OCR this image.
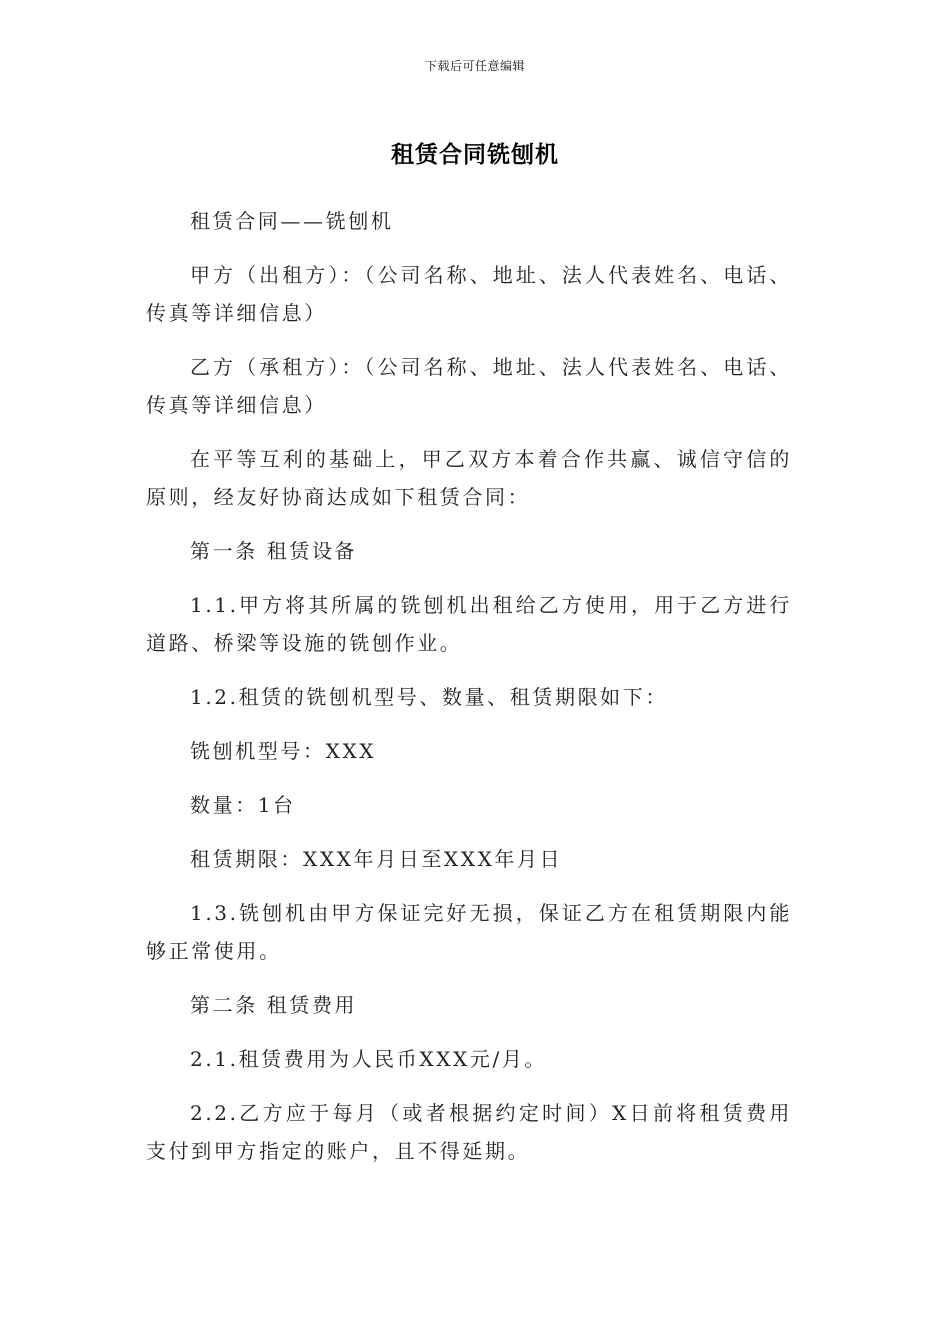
下载后可任意编辑
租赁合同铣刨机

租赁合同——铣刨机

甲方（出租方）：（公司名称、地址、法人代表姓名、电话、传真等详细信息）

乙方（承租方）：（公司名称、地址、法人代表姓名、电话、传真等详细信息）

在平等互利的基础上，甲乙双方本着合作共赢、诚信守信的原则，经友好协商达成如下租赁合同：

第一条 租赁设备

1.1.甲方将其所属的铣刨机出租给乙方使用，用于乙方进行道路、桥梁等设施的铣刨作业。

1.2.租赁的铣刨机型号、数量、租赁期限如下：

铣刨机型号：XXX

数量：1台

租赁期限：XXX年月日至XXX年月日

1.3.铣刨机由甲方保证完好无损，保证乙方在租赁期限内能够正常使用。

第二条 租赁费用

2.1.租赁费用为人民币XXX元/月。

2.2.乙方应于每月（或者根据约定时间）X日前将租赁费用支付到甲方指定的账户，且不得延期。
